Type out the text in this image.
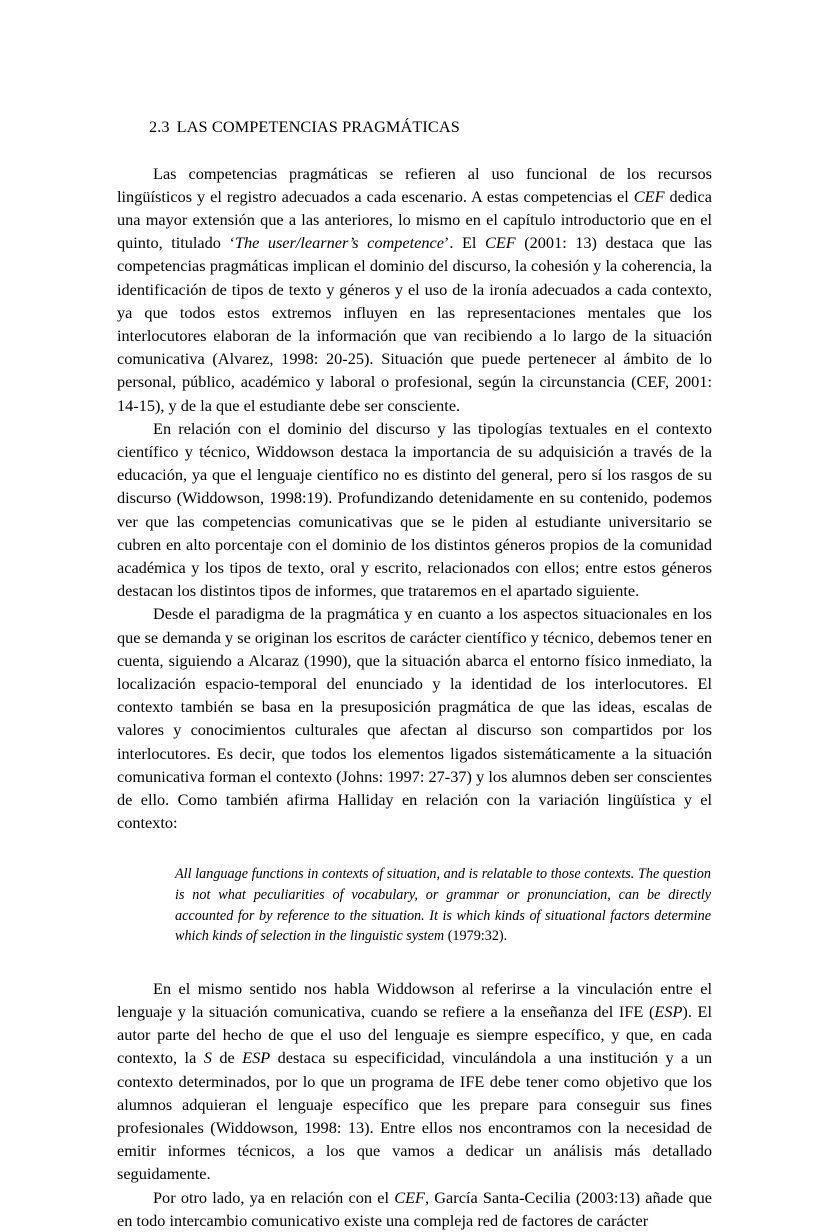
2.3 LAS COMPETENCIAS PRAGMÁTICAS

Las competencias pragmáticas se refieren al uso funcional de los recursos lingüísticos y el registro adecuados a cada escenario. A estas competencias el CEF dedica una mayor extensión que a las anteriores, lo mismo en el capítulo introductorio que en el quinto, titulado ‘The user/learner’s competence’. El CEF (2001: 13) destaca que las competencias pragmáticas implican el dominio del discurso, la cohesión y la coherencia, la identificación de tipos de texto y géneros y el uso de la ironía adecuados a cada contexto, ya que todos estos extremos influyen en las representaciones mentales que los interlocutores elaboran de la información que van recibiendo a lo largo de la situación comunicativa (Alvarez, 1998: 20-25). Situación que puede pertenecer al ámbito de lo personal, público, académico y laboral o profesional, según la circunstancia (CEF, 2001: 14-15), y de la que el estudiante debe ser consciente.

En relación con el dominio del discurso y las tipologías textuales en el contexto científico y técnico, Widdowson destaca la importancia de su adquisición a través de la educación, ya que el lenguaje científico no es distinto del general, pero sí los rasgos de su discurso (Widdowson, 1998:19). Profundizando detenidamente en su contenido, podemos ver que las competencias comunicativas que se le piden al estudiante universitario se cubren en alto porcentaje con el dominio de los distintos géneros propios de la comunidad académica y los tipos de texto, oral y escrito, relacionados con ellos; entre estos géneros destacan los distintos tipos de informes, que trataremos en el apartado siguiente.

Desde el paradigma de la pragmática y en cuanto a los aspectos situacionales en los que se demanda y se originan los escritos de carácter científico y técnico, debemos tener en cuenta, siguiendo a Alcaraz (1990), que la situación abarca el entorno físico inmediato, la localización espacio-temporal del enunciado y la identidad de los interlocutores. El contexto también se basa en la presuposición pragmática de que las ideas, escalas de valores y conocimientos culturales que afectan al discurso son compartidos por los interlocutores. Es decir, que todos los elementos ligados sistemáticamente a la situación comunicativa forman el contexto (Johns: 1997: 27-37) y los alumnos deben ser conscientes de ello. Como también afirma Halliday en relación con la variación lingüística y el contexto:

All language functions in contexts of situation, and is relatable to those contexts. The question is not what peculiarities of vocabulary, or grammar or pronunciation, can be directly accounted for by reference to the situation. It is which kinds of situational factors determine which kinds of selection in the linguistic system (1979:32).

En el mismo sentido nos habla Widdowson al referirse a la vinculación entre el lenguaje y la situación comunicativa, cuando se refiere a la enseñanza del IFE (ESP). El autor parte del hecho de que el uso del lenguaje es siempre específico, y que, en cada contexto, la S de ESP destaca su especificidad, vinculándola a una institución y a un contexto determinados, por lo que un programa de IFE debe tener como objetivo que los alumnos adquieran el lenguaje específico que les prepare para conseguir sus fines profesionales (Widdowson, 1998: 13). Entre ellos nos encontramos con la necesidad de emitir informes técnicos, a los que vamos a dedicar un análisis más detallado seguidamente.

Por otro lado, ya en relación con el CEF, García Santa-Cecilia (2003:13) añade que en todo intercambio comunicativo existe una compleja red de factores de carácter
